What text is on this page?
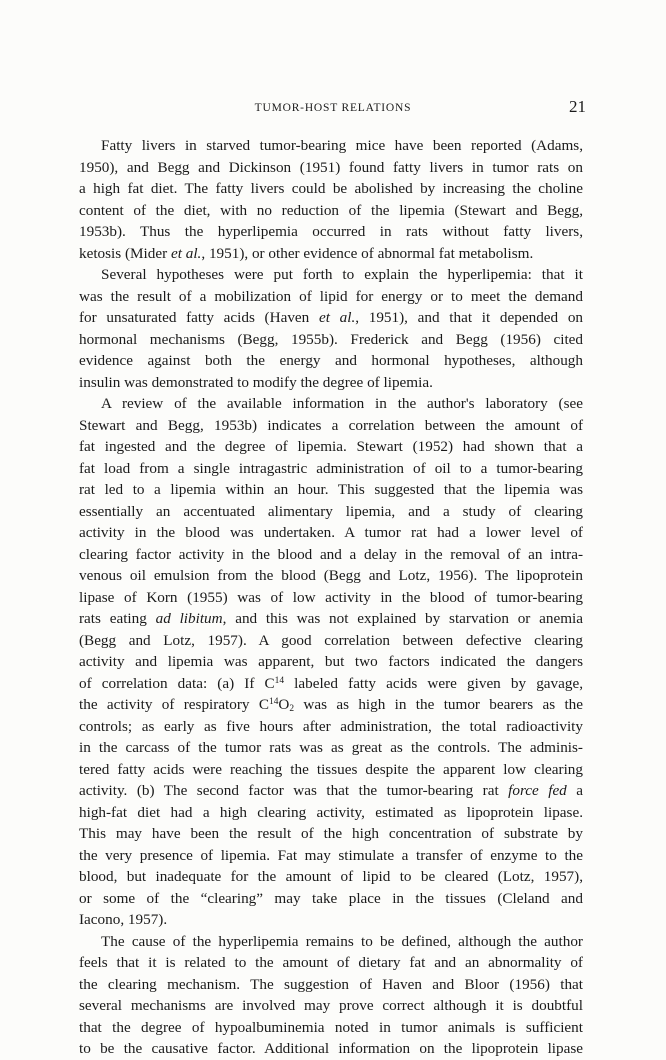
TUMOR-HOST RELATIONS	21
Fatty livers in starved tumor-bearing mice have been reported (Adams,
1950), and Begg and Dickinson (1951) found fatty livers in tumor rats on
a high fat diet. The fatty livers could be abolished by increasing the choline
content of the diet, with no reduction of the lipemia (Stewart and Begg,
1953b). Thus the hyperlipemia occurred in rats without fatty livers,
ketosis (Mider et al., 1951), or other evidence of abnormal fat metabolism.
Several hypotheses were put forth to explain the hyperlipemia: that it
was the result of a mobilization of lipid for energy or to meet the demand
for unsaturated fatty acids (Haven et al., 1951), and that it depended on
hormonal mechanisms (Begg, 1955b). Frederick and Begg (1956) cited
evidence against both the energy and hormonal hypotheses, although
insulin was demonstrated to modify the degree of lipemia.
A review of the available information in the author's laboratory (see
Stewart and Begg, 1953b) indicates a correlation between the amount of
fat ingested and the degree of lipemia. Stewart (1952) had shown that a
fat load from a single intragastric administration of oil to a tumor-bearing
rat led to a lipemia within an hour. This suggested that the lipemia was
essentially an accentuated alimentary lipemia, and a study of clearing
activity in the blood was undertaken. A tumor rat had a lower level of
clearing factor activity in the blood and a delay in the removal of an intra-
venous oil emulsion from the blood (Begg and Lotz, 1956). The lipoprotein
lipase of Korn (1955) was of low activity in the blood of tumor-bearing
rats eating ad libitum, and this was not explained by starvation or anemia
(Begg and Lotz, 1957). A good correlation between defective clearing
activity and lipemia was apparent, but two factors indicated the dangers
of correlation data: (a) If $C^{14}$ labeled fatty acids were given by gavage,
the activity of respiratory $C^{14}O_2$ was as high in the tumor bearers as the
controls; as early as five hours after administration, the total radioactivity
in the carcass of the tumor rats was as great as the controls. The adminis-
tered fatty acids were reaching the tissues despite the apparent low clearing
activity. (b) The second factor was that the tumor-bearing rat force fed a
high-fat diet had a high clearing activity, estimated as lipoprotein lipase.
This may have been the result of the high concentration of substrate by
the very presence of lipemia. Fat may stimulate a transfer of enzyme to the
blood, but inadequate for the amount of lipid to be cleared (Lotz, 1957),
or some of the “clearing” may take place in the tissues (Cleland and
Iacono, 1957).
The cause of the hyperlipemia remains to be defined, although the author
feels that it is related to the amount of dietary fat and an abnormality of
the clearing mechanism. The suggestion of Haven and Bloor (1956) that
several mechanisms are involved may prove correct although it is doubtful
that the degree of hypoalbuminemia noted in tumor animals is sufficient
to be the causative factor. Additional information on the lipoprotein lipase
